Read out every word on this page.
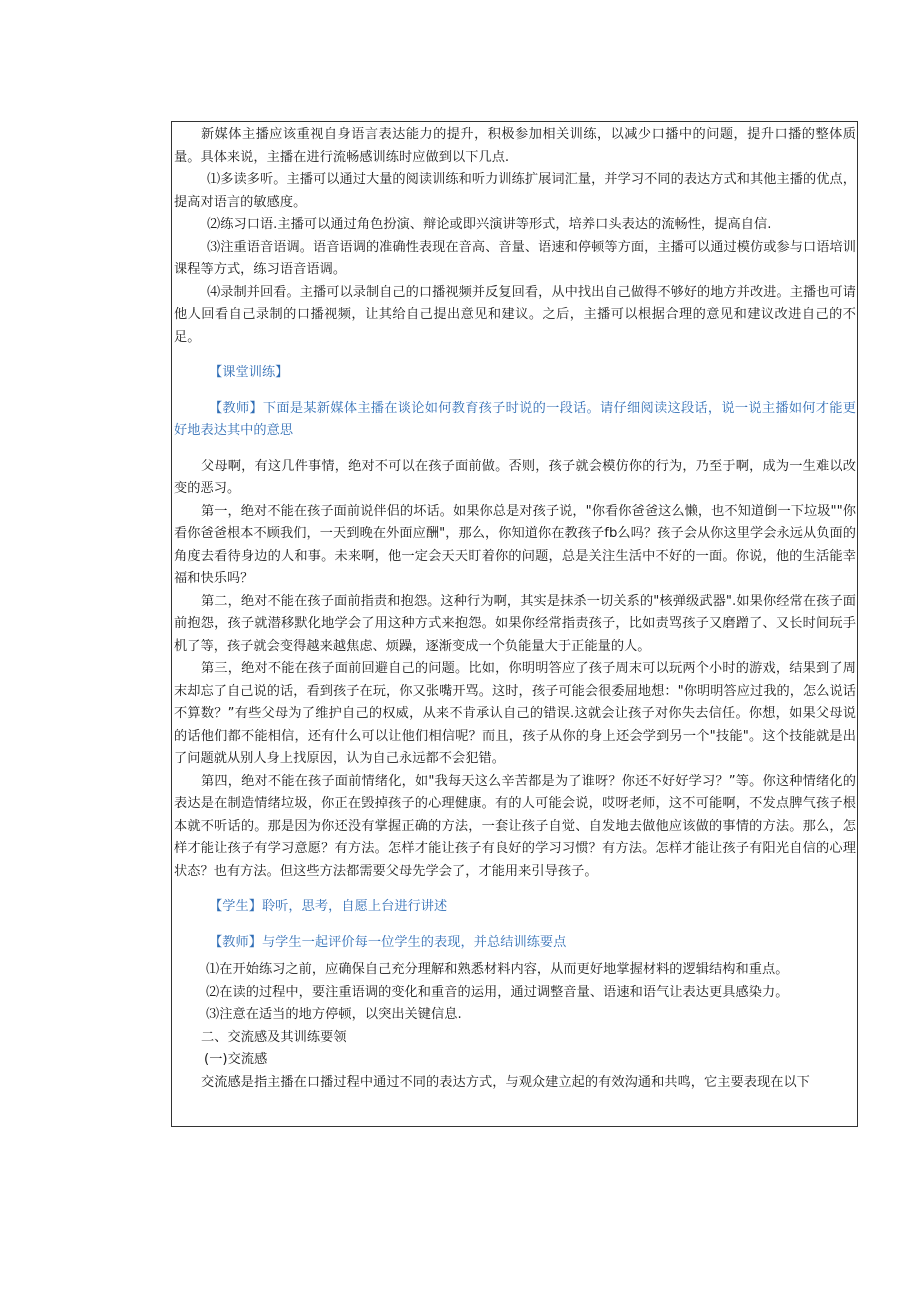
新媒体主播应该重视自身语言表达能力的提升，积极参加相关训练，以减少口播中的问题，提升口播的整体质量。具体来说，主播在进行流畅感训练时应做到以下几点.

⑴多读多听。主播可以通过大量的阅读训练和听力训练扩展词汇量，并学习不同的表达方式和其他主播的优点，提高对语言的敏感度。

⑵练习口语.主播可以通过角色扮演、辩论或即兴演讲等形式，培养口头表达的流畅性，提高自信.

⑶注重语音语调。语音语调的准确性表现在音高、音量、语速和停顿等方面，主播可以通过模仿或参与口语培训课程等方式，练习语音语调。

⑷录制并回看。主播可以录制自己的口播视频并反复回看，从中找出自己做得不够好的地方并改进。主播也可请他人回看自己录制的口播视频，让其给自己提出意见和建议。之后，主播可以根据合理的意见和建议改进自己的不足。

【课堂训练】

【教师】下面是某新媒体主播在谈论如何教育孩子时说的一段话。请仔细阅读这段话，说一说主播如何才能更好地表达其中的意思

父母啊，有这几件事情，绝对不可以在孩子面前做。否则，孩子就会模仿你的行为，乃至于啊，成为一生难以改变的恶习。

第一，绝对不能在孩子面前说伴侣的坏话。如果你总是对孩子说，"你看你爸爸这么懒，也不知道倒一下垃圾""你看你爸爸根本不顾我们，一天到晚在外面应酬"，那么，你知道你在教孩子fb么吗？孩子会从你这里学会永远从负面的角度去看待身边的人和事。未来啊，他一定会天天盯着你的问题，总是关注生活中不好的一面。你说，他的生活能幸福和快乐吗？

第二，绝对不能在孩子面前指责和抱怨。这种行为啊，其实是抹杀一切关系的"核弹级武器".如果你经常在孩子面前抱怨，孩子就潜移默化地学会了用这种方式来抱怨。如果你经常指责孩子，比如责骂孩子又磨蹭了、又长时间玩手机了等，孩子就会变得越来越焦虑、烦躁，逐渐变成一个负能量大于正能量的人。

第三，绝对不能在孩子面前回避自己的问题。比如，你明明答应了孩子周末可以玩两个小时的游戏，结果到了周末却忘了自己说的话，看到孩子在玩，你又张嘴开骂。这时，孩子可能会很委屈地想："你明明答应过我的，怎么说话不算数？”有些父母为了维护自己的权威，从来不肯承认自己的错误.这就会让孩子对你失去信任。你想，如果父母说的话他们都不能相信，还有什么可以让他们相信呢？而且，孩子从你的身上还会学到另一个"技能"。这个技能就是出了问题就从别人身上找原因，认为自己永远都不会犯错。

第四，绝对不能在孩子面前情绪化，如"我每天这么辛苦都是为了谁呀？你还不好好学习？”等。你这种情绪化的表达是在制造情绪垃圾，你正在毁掉孩子的心理健康。有的人可能会说，哎呀老师，这不可能啊，不发点脾气孩子根本就不听话的。那是因为你还没有掌握正确的方法，一套让孩子自觉、自发地去做他应该做的事情的方法。那么，怎样才能让孩子有学习意愿？有方法。怎样才能让孩子有良好的学习习惯？有方法。怎样才能让孩子有阳光自信的心理状态？也有方法。但这些方法都需要父母先学会了，才能用来引导孩子。

【学生】聆听，思考，自愿上台进行讲述

【教师】与学生一起评价每一位学生的表现，并总结训练要点

⑴在开始练习之前，应确保自己充分理解和熟悉材料内容，从而更好地掌握材料的逻辑结构和重点。

⑵在读的过程中，要注重语调的变化和重音的运用，通过调整音量、语速和语气让表达更具感染力。

⑶注意在适当的地方停顿，以突出关键信息.

二、交流感及其训练要领

(一)交流感

交流感是指主播在口播过程中通过不同的表达方式，与观众建立起的有效沟通和共鸣，它主要表现在以下
